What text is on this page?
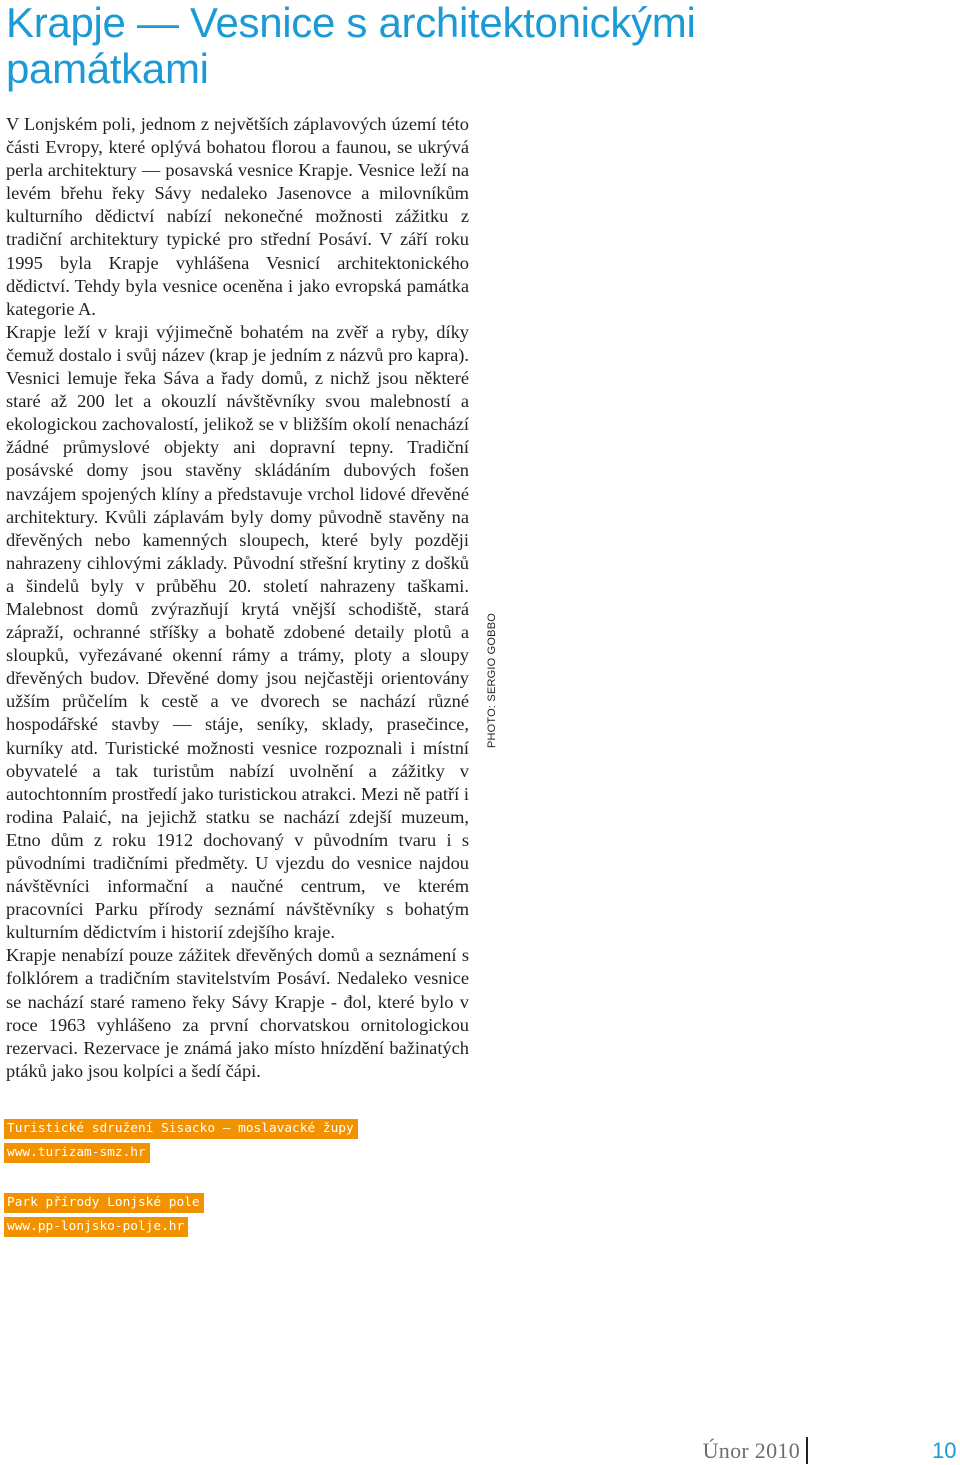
Krapje — Vesnice s architektonickými památkami

V Lonjském poli, jednom z největších záplavových území této části Evropy, které oplývá bohatou florou a faunou, se ukrývá perla architektury — posavská vesnice Krapje. Vesnice leží na levém břehu řeky Sávy nedaleko Jasenovce a milovníkům kulturního dědictví nabízí nekonečné možnosti zážitku z tradiční architektury typické pro střední Posáví. V září roku 1995 byla Krapje vyhlášena Vesnicí architektonického dědictví. Tehdy byla vesnice oceněna i jako evropská památka kategorie A.

Krapje leží v kraji výjimečně bohatém na zvěř a ryby, díky čemuž dostalo i svůj název (krap je jedním z názvů pro kapra). Vesnici lemuje řeka Sáva a řady domů, z nichž jsou některé staré až 200 let a okouzlí návštěvníky svou malebností a ekologickou zachovalostí, jelikož se v bližším okolí nenachází žádné průmyslové objekty ani dopravní tepny. Tradiční posávské domy jsou stavěny skládáním dubových fošen navzájem spojených klíny a představuje vrchol lidové dřevěné architektury. Kvůli záplavám byly domy původně stavěny na dřevěných nebo kamenných sloupech, které byly později nahrazeny cihlovými základy. Původní střešní krytiny z došků a šindelů byly v průběhu 20. století nahrazeny taškami. Malebnost domů zvýrazňují krytá vnější schodiště, stará zápraží, ochranné stříšky a bohatě zdobené detaily plotů a sloupků, vyřezávané okenní rámy a trámy, ploty a sloupy dřevěných budov. Dřevěné domy jsou nejčastěji orientovány užším průčelím k cestě a ve dvorech se nachází různé hospodářské stavby — stáje, seníky, sklady, prasečince, kurníky atd. Turistické možnosti vesnice rozpoznali i místní obyvatelé a tak turistům nabízí uvolnění a zážitky v autochtonním prostředí jako turistickou atrakci. Mezi ně patří i rodina Palaić, na jejichž statku se nachází zdejší muzeum, Etno dům z roku 1912 dochovaný v původním tvaru i s původními tradičními předměty. U vjezdu do vesnice najdou návštěvníci informační a naučné centrum, ve kterém pracovníci Parku přírody seznámí návštěvníky s bohatým kulturním dědictvím i historií zdejšího kraje.

Krapje nenabízí pouze zážitek dřevěných domů a seznámení s folklórem a tradičním stavitelstvím Posáví. Nedaleko vesnice se nachází staré rameno řeky Sávy Krapje - đol, které bylo v roce 1963 vyhlášeno za první chorvatskou ornitologickou rezervaci. Rezervace je známá jako místo hnízdění bažinatých ptáků jako jsou kolpíci a šedí čápi.

PHOTO: SERGIO GOBBO
Turistické sdružení Sisacko — moslavacké župy
www.turizam-smz.hr
Park přírody Lonjské pole
www.pp-lonjsko-polje.hr
Únor 2010	10
